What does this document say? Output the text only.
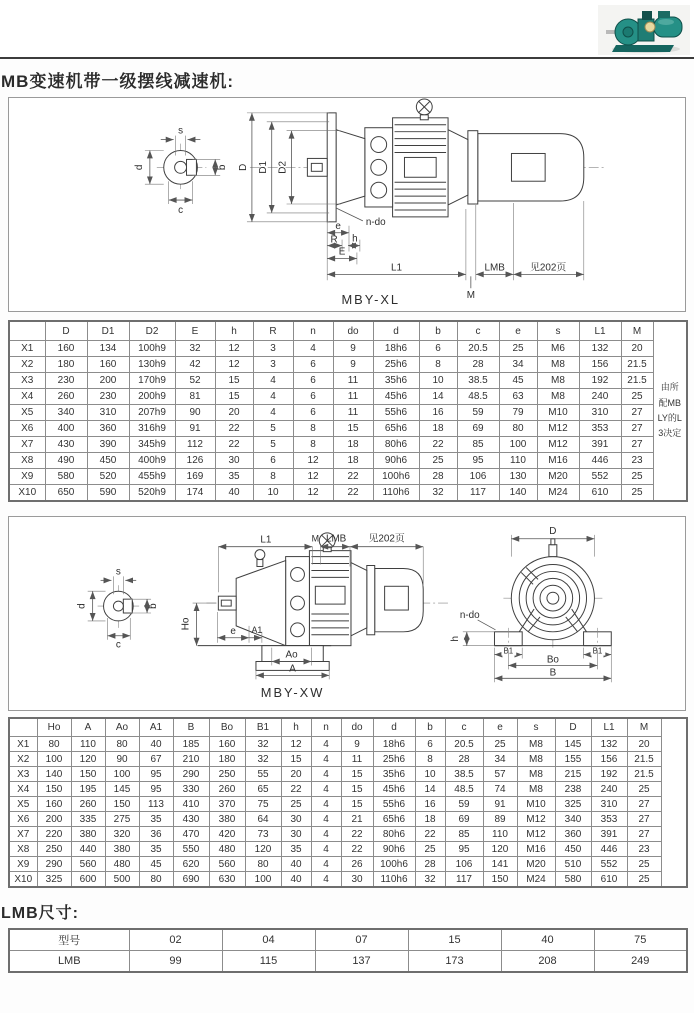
MB变速机带一级摆线减速机:
s
b
d
c
D D1 D2
e
R h
E
n-do
L1	LMB	见202页
M
MBY-XL
	D	D1	D2	E	h	R	n	do	d	b	c	e	s	L1	M	由所配MBLY的L3决定
X1	160	134	100h9	32	12	3	4	9	18h6	6	20.5	25	M6	132	20	
X2	180	160	130h9	42	12	3	6	9	25h6	8	28	34	M8	156	21.5	
X3	230	200	170h9	52	15	4	6	11	35h6	10	38.5	45	M8	192	21.5	
X4	260	230	200h9	81	15	4	6	11	45h6	14	48.5	63	M8	240	25	
X5	340	310	207h9	90	20	4	6	11	55h6	16	59	79	M10	310	27	
X6	400	360	316h9	91	22	5	8	15	65h6	18	69	80	M12	353	27	
X7	430	390	345h9	112	22	5	8	18	80h6	22	85	100	M12	391	27	
X8	490	450	400h9	126	30	6	12	18	90h6	25	95	110	M16	446	23	
X9	580	520	455h9	169	35	8	12	22	100h6	28	106	130	M20	552	25	
X10	650	590	520h9	174	40	10	12	22	110h6	32	117	140	M24	610	25	
s
b
d
c
L1	M LMB 见202页
Ho
e A1
Ao
A
D
n-do
h
B1	B1
Bo
B
MBY-XW
	Ho	A	Ao	A1	B	Bo	B1	h	n	do	d	b	c	e	s	D	L1	M	
X1	80	110	80	40	185	160	32	12	4	9	18h6	6	20.5	25	M8	145	132	20	
X2	100	120	90	67	210	180	32	15	4	11	25h6	8	28	34	M8	155	156	21.5	
X3	140	150	100	95	290	250	55	20	4	15	35h6	10	38.5	57	M8	215	192	21.5	
X4	150	195	145	95	330	260	65	22	4	15	45h6	14	48.5	74	M8	238	240	25	
X5	160	260	150	113	410	370	75	25	4	15	55h6	16	59	91	M10	325	310	27	
X6	200	335	275	35	430	380	64	30	4	21	65h6	18	69	89	M12	340	353	27	
X7	220	380	320	36	470	420	73	30	4	22	80h6	22	85	110	M12	360	391	27	
X8	250	440	380	35	550	480	120	35	4	22	90h6	25	95	120	M16	450	446	23	
X9	290	560	480	45	620	560	80	40	4	26	100h6	28	106	141	M20	510	552	25	
X10	325	600	500	80	690	630	100	40	4	30	110h6	32	117	150	M24	580	610	25	
LMB尺寸:
型号	02	04	07	15	40	75
LMB	99	115	137	173	208	249
